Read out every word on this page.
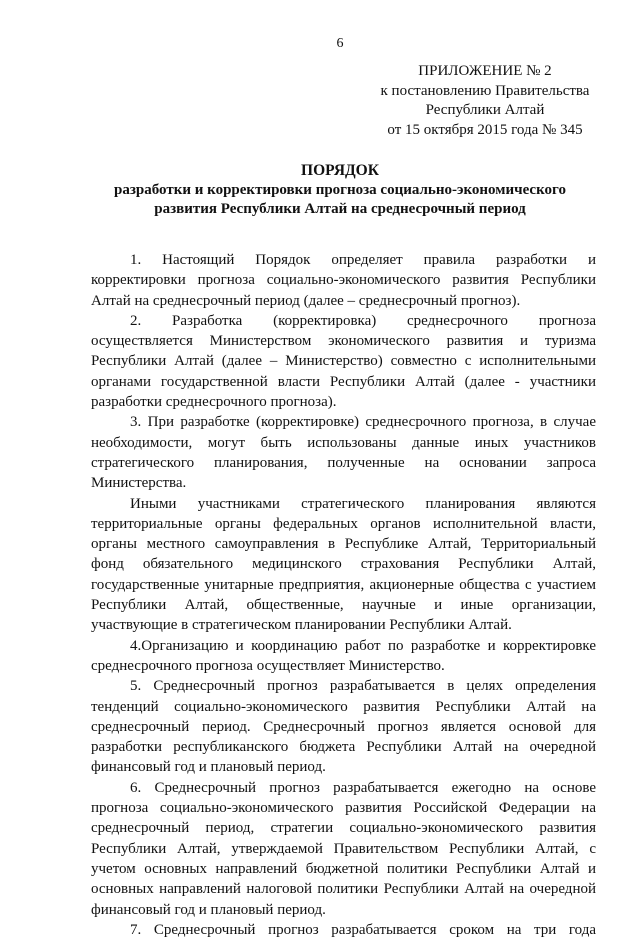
6
ПРИЛОЖЕНИЕ № 2
к постановлению Правительства
Республики Алтай
от 15 октября 2015 года № 345
ПОРЯДОК
разработки и корректировки прогноза социально-экономического
развития Республики Алтай на среднесрочный период
1. Настоящий Порядок определяет правила разработки и
корректировки прогноза социально-экономического развития Республики
Алтай на среднесрочный период (далее – среднесрочный прогноз).
2. Разработка (корректировка) среднесрочного прогноза
осуществляется Министерством экономического развития и туризма
Республики Алтай (далее – Министерство) совместно с исполнительными
органами государственной власти Республики Алтай (далее - участники
разработки среднесрочного прогноза).
3. При разработке (корректировке) среднесрочного прогноза, в случае
необходимости, могут быть использованы данные иных участников
стратегического планирования, полученные на основании запроса
Министерства.
Иными участниками стратегического планирования являются
территориальные органы федеральных органов исполнительной власти,
органы местного самоуправления в Республике Алтай, Территориальный
фонд обязательного медицинского страхования Республики Алтай,
государственные унитарные предприятия, акционерные общества с участием
Республики Алтай, общественные, научные и иные организации,
участвующие в стратегическом планировании Республики Алтай.
4.Организацию и координацию работ по разработке и корректировке
среднесрочного прогноза осуществляет Министерство.
5. Среднесрочный прогноз разрабатывается в целях определения
тенденций социально-экономического развития Республики Алтай на
среднесрочный период. Среднесрочный прогноз является основой для
разработки республиканского бюджета Республики Алтай на очередной
финансовый год и плановый период.
6. Среднесрочный прогноз разрабатывается ежегодно на основе
прогноза социально-экономического развития Российской Федерации на
среднесрочный период, стратегии социально-экономического развития
Республики Алтай, утверждаемой Правительством Республики Алтай, с
учетом основных направлений бюджетной политики Республики Алтай и
основных направлений налоговой политики Республики Алтай на очередной
финансовый год и плановый период.
7. Среднесрочный прогноз разрабатывается сроком на три года
